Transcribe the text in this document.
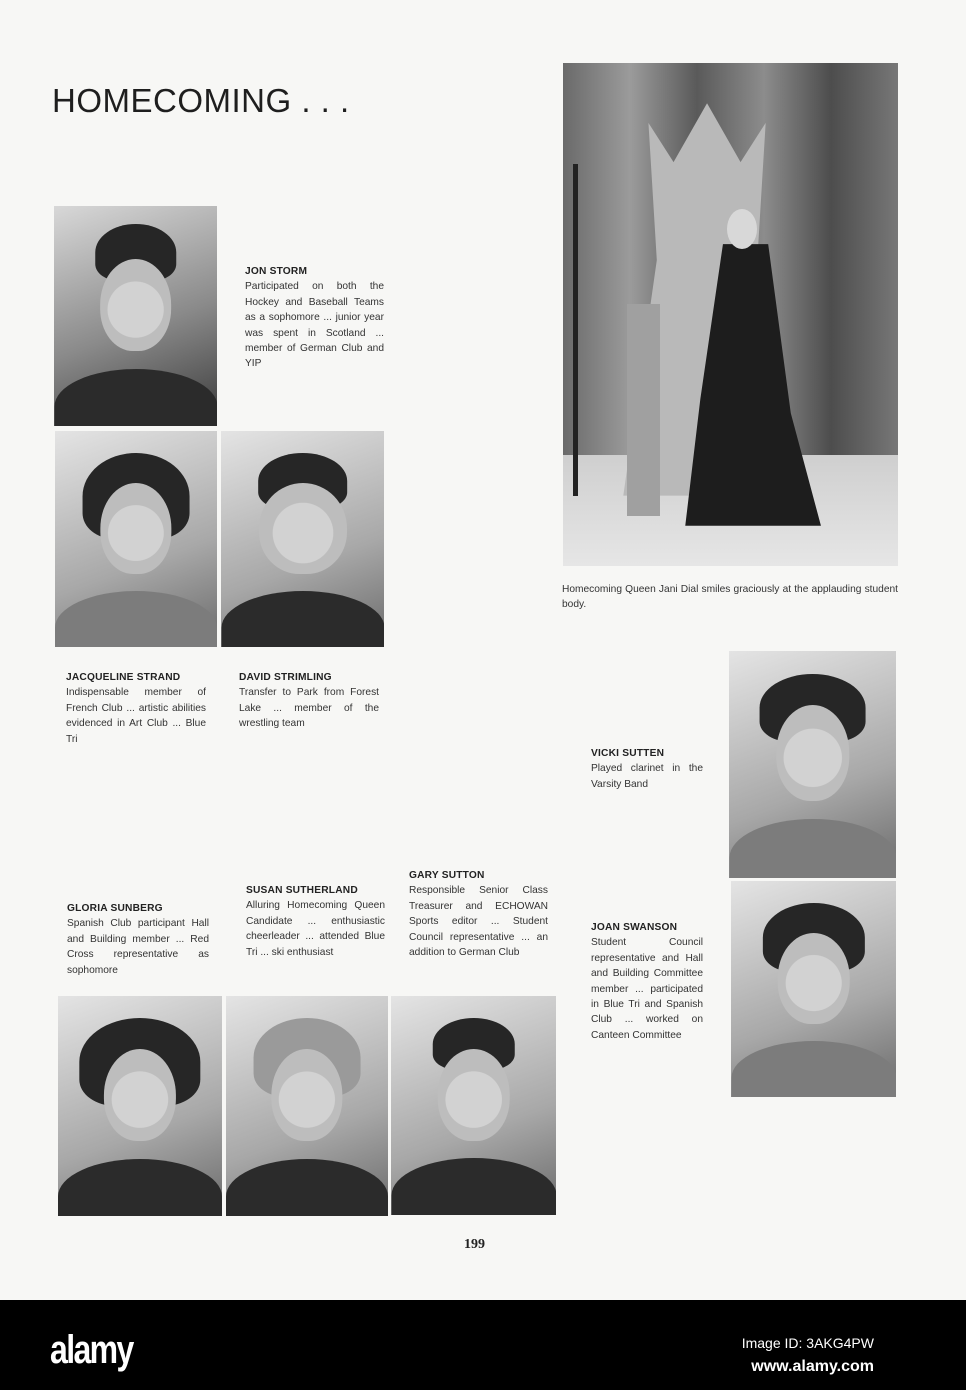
HOMECOMING . . .
JON STORM
Participated on both the Hockey and Baseball Teams as a sophomore ... junior year was spent in Scotland ... member of German Club and YIP
JACQUELINE STRAND
Indispensable member of French Club ... artistic abilities evidenced in Art Club ... Blue Tri
DAVID STRIMLING
Transfer to Park from Forest Lake ... member of the wrestling team
Homecoming Queen Jani Dial smiles graciously at the applauding student body.
VICKI SUTTEN
Played clarinet in the Varsity Band
JOAN SWANSON
Student Council representative and Hall and Building Committee member ... participated in Blue Tri and Spanish Club ... worked on Canteen Committee
GLORIA SUNBERG
Spanish Club participant Hall and Building member ... Red Cross representative as sophomore
SUSAN SUTHERLAND
Alluring Homecoming Queen Candidate ... enthusiastic cheerleader ... attended Blue Tri ... ski enthusiast
GARY SUTTON
Responsible Senior Class Treasurer and ECHOWAN Sports editor ... Student Council representative ... an addition to German Club
199
alamy	Image ID: 3AKG4PW
www.alamy.com
